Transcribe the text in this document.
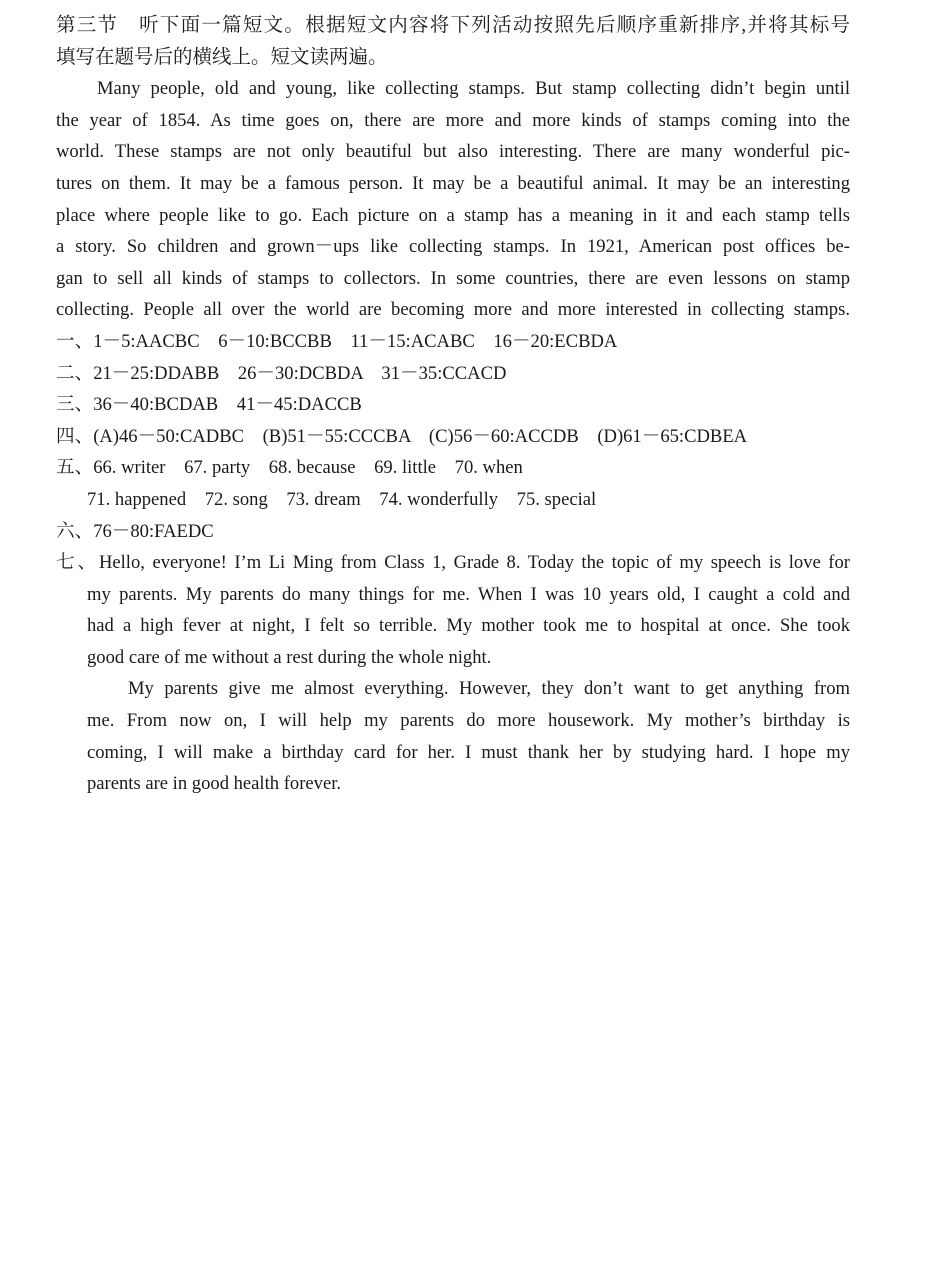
第三节　听下面一篇短文。根据短文内容将下列活动按照先后顺序重新排序,并将其标号
填写在题号后的横线上。短文读两遍。
Many people, old and young, like collecting stamps. But stamp collecting didn’t begin until
the year of 1854. As time goes on, there are more and more kinds of stamps coming into the
world. These stamps are not only beautiful but also interesting. There are many wonderful pic-
tures on them. It may be a famous person. It may be a beautiful animal. It may be an interesting
place where people like to go. Each picture on a stamp has a meaning in it and each stamp tells
a story. So children and grown－ups like collecting stamps. In 1921, American post offices be-
gan to sell all kinds of stamps to collectors. In some countries, there are even lessons on stamp
collecting. People all over the world are becoming more and more interested in collecting stamps.
一、1－5:AACBC　6－10:BCCBB　11－15:ACABC　16－20:ECBDA
二、21－25:DDABB　26－30:DCBDA　31－35:CCACD
三、36－40:BCDAB　41－45:DACCB
四、(A)46－50:CADBC　(B)51－55:CCCBA　(C)56－60:ACCDB　(D)61－65:CDBEA
五、66. writer　67. party　68. because　69. little　70. when
71. happened　72. song　73. dream　74. wonderfully　75. special
六、76－80:FAEDC
七、Hello, everyone! I’m Li Ming from Class 1, Grade 8. Today the topic of my speech is love for
my parents. My parents do many things for me. When I was 10 years old, I caught a cold and
had a high fever at night, I felt so terrible. My mother took me to hospital at once. She took
good care of me without a rest during the whole night.
My parents give me almost everything. However, they don’t want to get anything from
me. From now on, I will help my parents do more housework. My mother’s birthday is
coming, I will make a birthday card for her. I must thank her by studying hard. I hope my
parents are in good health forever.
